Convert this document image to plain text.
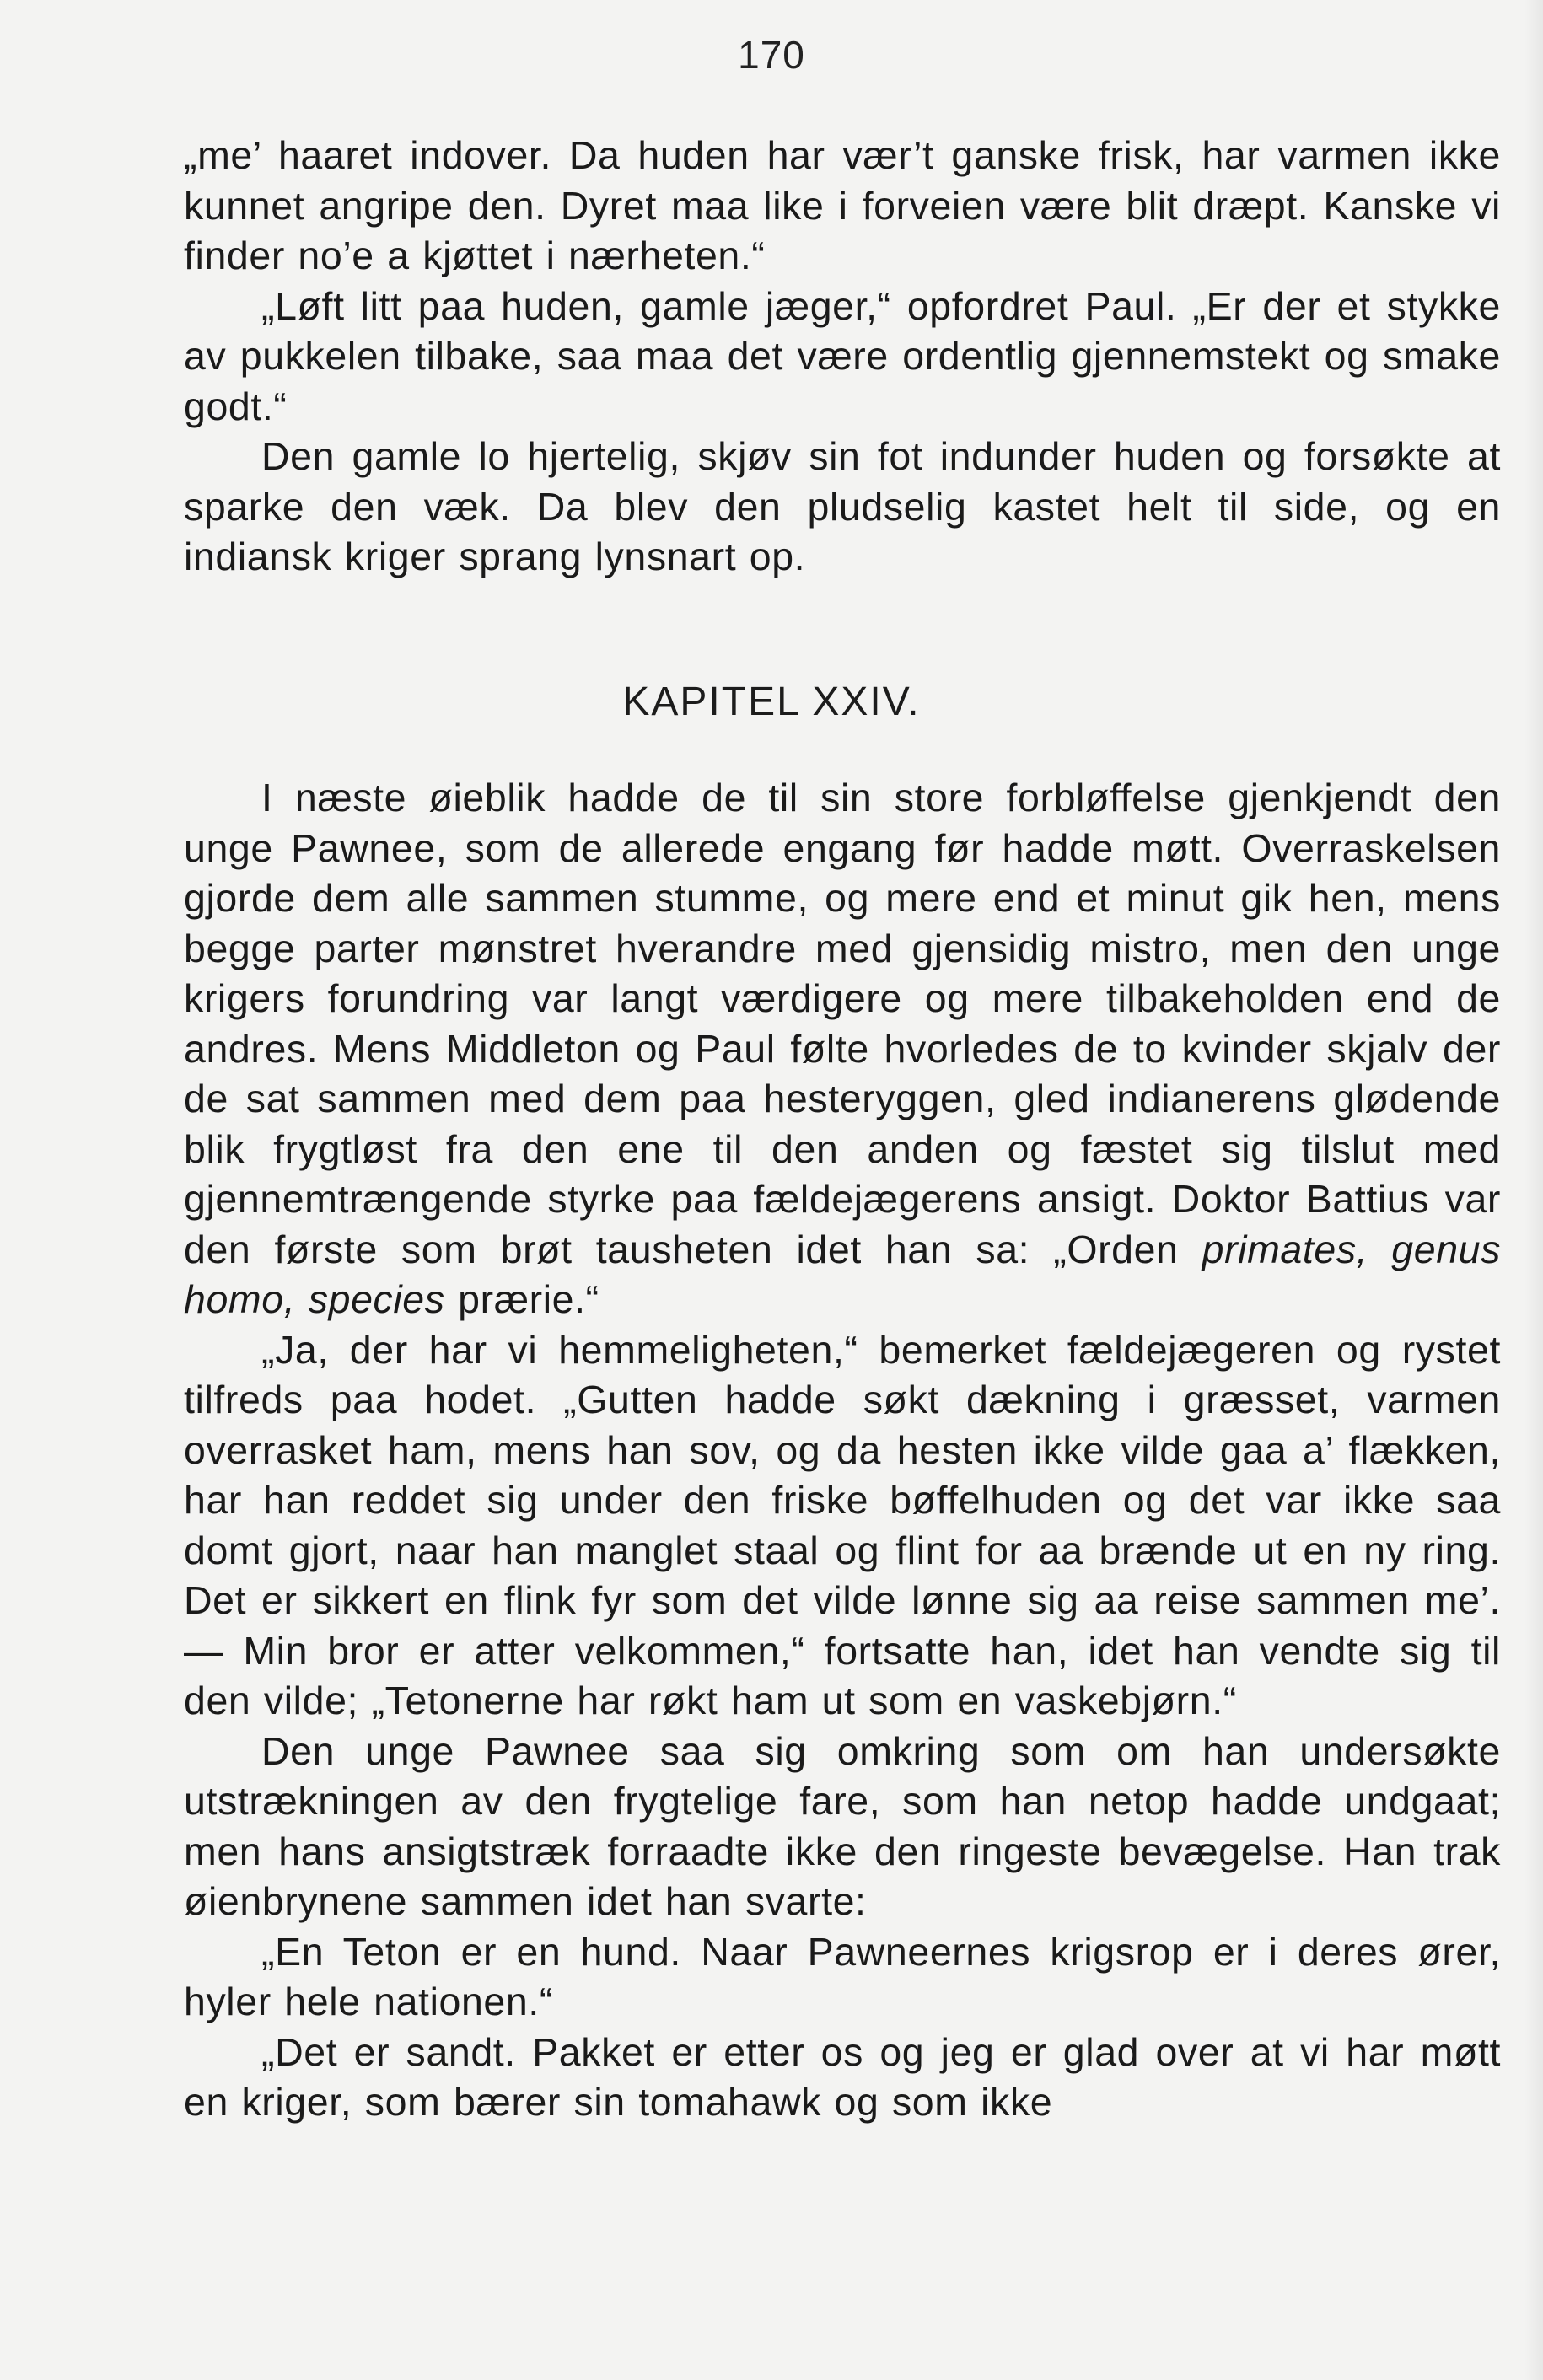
170

„me’ haaret indover. Da huden har vær’t ganske frisk, har varmen ikke kunnet angripe den. Dyret maa like i forveien være blit dræpt. Kanske vi finder no’e a kjøttet i nærheten.“

„Løft litt paa huden, gamle jæger,“ opfordret Paul. „Er der et stykke av pukkelen tilbake, saa maa det være ordentlig gjennemstekt og smake godt.“

Den gamle lo hjertelig, skjøv sin fot indunder huden og forsøkte at sparke den væk. Da blev den pludselig kastet helt til side, og en indiansk kriger sprang lynsnart op.

KAPITEL XXIV.

I næste øieblik hadde de til sin store forbløffelse gjenkjendt den unge Pawnee, som de allerede engang før hadde møtt. Overraskelsen gjorde dem alle sammen stumme, og mere end et minut gik hen, mens begge parter mønstret hverandre med gjensidig mistro, men den unge krigers forundring var langt værdigere og mere tilbakeholden end de andres. Mens Middleton og Paul følte hvorledes de to kvinder skjalv der de sat sammen med dem paa hesteryggen, gled indianerens glødende blik frygtløst fra den ene til den anden og fæstet sig tilslut med gjennemtrængende styrke paa fældejægerens ansigt. Doktor Battius var den første som brøt tausheten idet han sa: „Orden primates, genus homo, species prærie.“

„Ja, der har vi hemmeligheten,“ bemerket fældejægeren og rystet tilfreds paa hodet. „Gutten hadde søkt dækning i græsset, varmen overrasket ham, mens han sov, og da hesten ikke vilde gaa a’ flækken, har han reddet sig under den friske bøffelhuden og det var ikke saa domt gjort, naar han manglet staal og flint for aa brænde ut en ny ring. Det er sikkert en flink fyr som det vilde lønne sig aa reise sammen me’. — Min bror er atter velkommen,“ fortsatte han, idet han vendte sig til den vilde; „Tetonerne har røkt ham ut som en vaskebjørn.“

Den unge Pawnee saa sig omkring som om han undersøkte utstrækningen av den frygtelige fare, som han netop hadde undgaat; men hans ansigtstræk forraadte ikke den ringeste bevægelse. Han trak øienbrynene sammen idet han svarte:

„En Teton er en hund. Naar Pawneernes krigsrop er i deres ører, hyler hele nationen.“

„Det er sandt. Pakket er etter os og jeg er glad over at vi har møtt en kriger, som bærer sin tomahawk og som ikke
